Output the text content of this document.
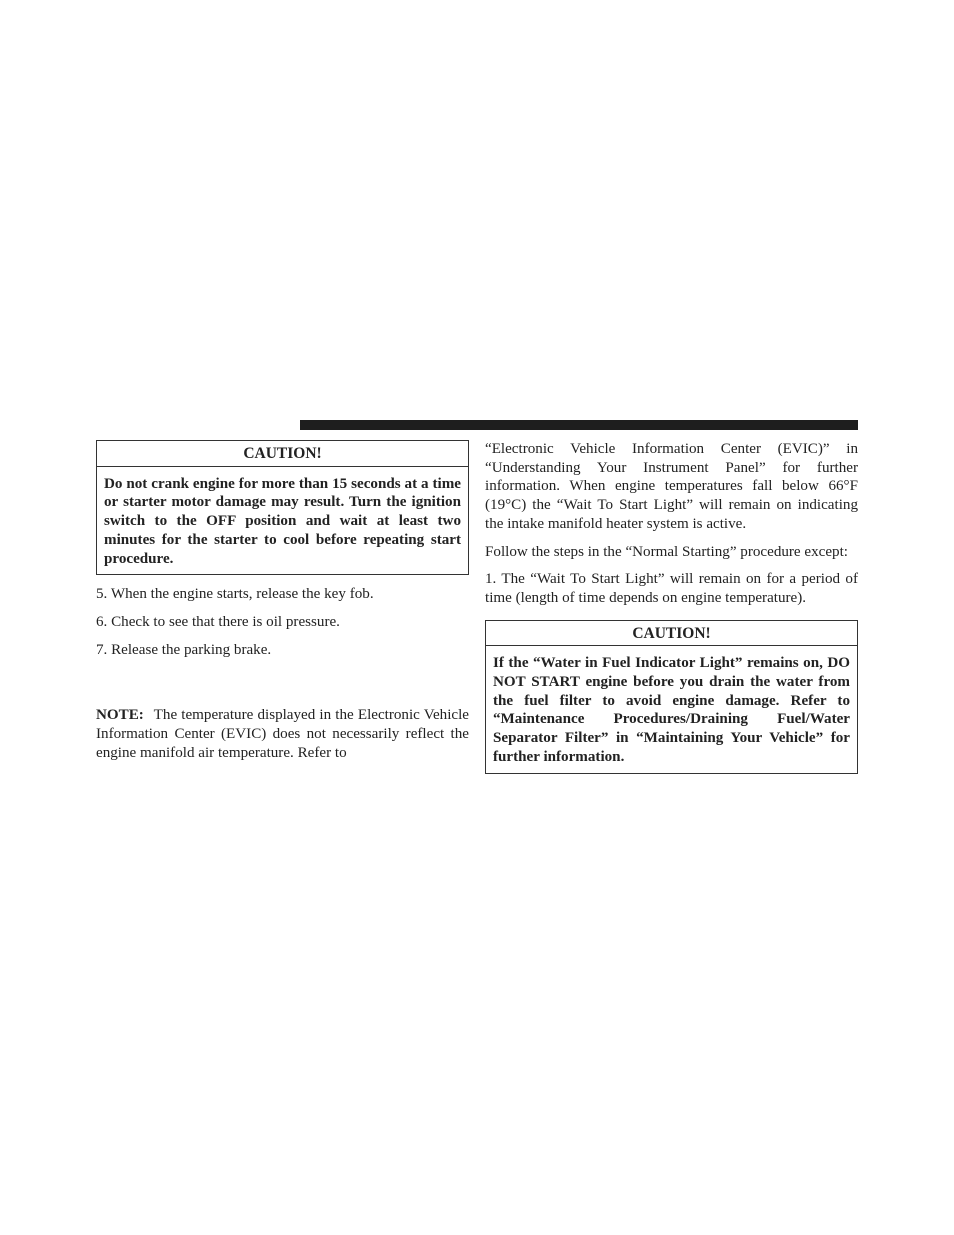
CAUTION!
Do not crank engine for more than 15 seconds at a time or starter motor damage may result. Turn the ignition switch to the OFF position and wait at least two minutes for the starter to cool before repeating start procedure.

5. When the engine starts, release the key fob.

6. Check to see that there is oil pressure.

7. Release the parking brake.

NOTE: The temperature displayed in the Electronic Vehicle Information Center (EVIC) does not necessarily reflect the engine manifold air temperature. Refer to

“Electronic Vehicle Information Center (EVIC)” in “Understanding Your Instrument Panel” for further information. When engine temperatures fall below 66°F (19°C) the “Wait To Start Light” will remain on indicating the intake manifold heater system is active.

Follow the steps in the “Normal Starting” procedure except:

1. The “Wait To Start Light” will remain on for a period of time (length of time depends on engine temperature).

CAUTION!
If the “Water in Fuel Indicator Light” remains on, DO NOT START engine before you drain the water from the fuel filter to avoid engine damage. Refer to “Maintenance Procedures/Draining Fuel/Water Separator Filter” in “Maintaining Your Vehicle” for further information.
